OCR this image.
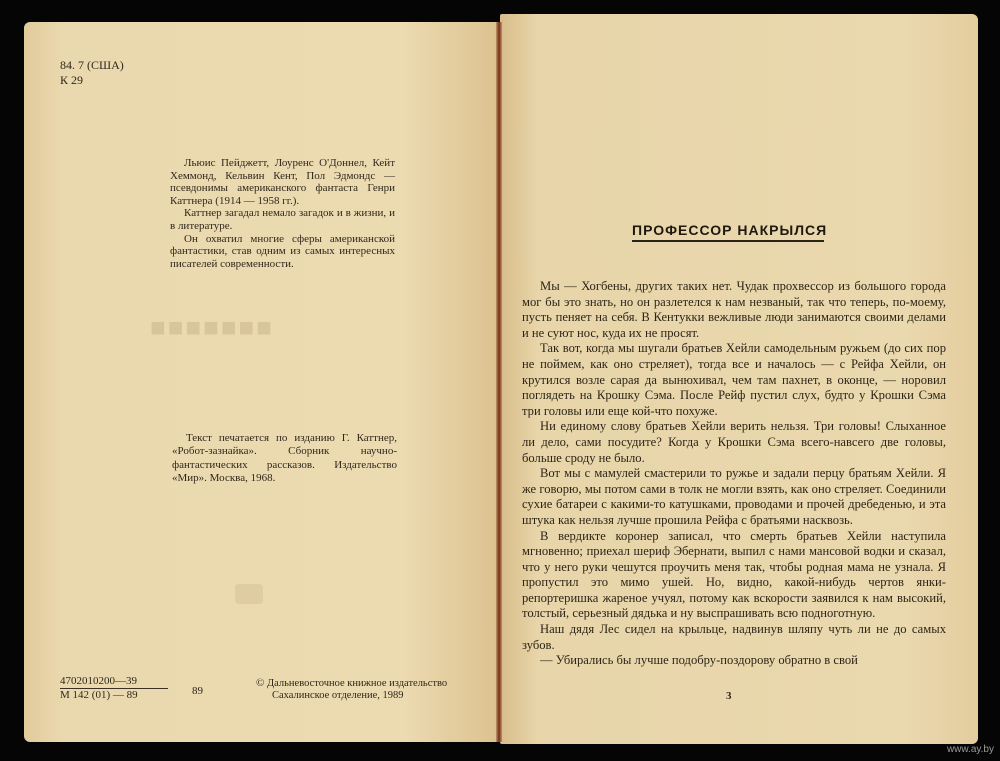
84. 7 (США)
К 29

Льюис Пейджетт, Лоуренс О'Доннел, Кейт Хеммонд, Кельвин Кент, Пол Эдмондс — псевдонимы американского фантаста Генри Каттнера (1914 — 1958 гг.).

Каттнер загадал немало загадок и в жизни, и в литературе.

Он охватил многие сферы американской фантастики, став одним из самых интересных писателей современности.

■■■■■■■

Текст печатается по изданию Г. Каттнер, «Робот-зазнайка». Сборник научно-фантастических рассказов. Издательство «Мир». Москва, 1968.

4702010200—39
М 142 (01) — 89	89
© Дальневосточное книжное издательство
Сахалинское отделение, 1989
ПРОФЕССОР НАКРЫЛСЯ

Мы — Хогбены, других таких нет. Чудак прохвессор из большого города мог бы это знать, но он разлетелся к нам незваный, так что теперь, по-моему, пусть пеняет на себя. В Кентукки вежливые люди занимаются своими делами и не суют нос, куда их не просят.

Так вот, когда мы шугали братьев Хейли самодельным ружьем (до сих пор не поймем, как оно стреляет), тогда все и началось — с Рейфа Хейли, он крутился возле сарая да вынюхивал, чем там пахнет, в оконце, — норовил поглядеть на Крошку Сэма. После Рейф пустил слух, будто у Крошки Сэма три головы или еще кой-что похуже.

Ни единому слову братьев Хейли верить нельзя. Три головы! Слыханное ли дело, сами посудите? Когда у Крошки Сэма всего-навсего две головы, больше сроду не было.

Вот мы с мамулей смастерили то ружье и задали перцу братьям Хейли. Я же говорю, мы потом сами в толк не могли взять, как оно стреляет. Соединили сухие батареи с какими-то катушками, проводами и прочей дребеденью, и эта штука как нельзя лучше прошила Рейфа с братьями насквозь.

В вердикте коронер записал, что смерть братьев Хейли наступила мгновенно; приехал шериф Эбернати, выпил с нами мансовой водки и сказал, что у него руки чешутся проучить меня так, чтобы родная мама не узнала. Я пропустил это мимо ушей. Но, видно, какой-нибудь чертов янки-репортеришка жареное учуял, потому как вскорости заявился к нам высокий, толстый, серьезный дядька и ну выспрашивать всю подноготную.

Наш дядя Лес сидел на крыльце, надвинув шляпу чуть ли не до самых зубов.

— Убирались бы лучше подобру-поздорову обратно в свой

3
www.ay.by
